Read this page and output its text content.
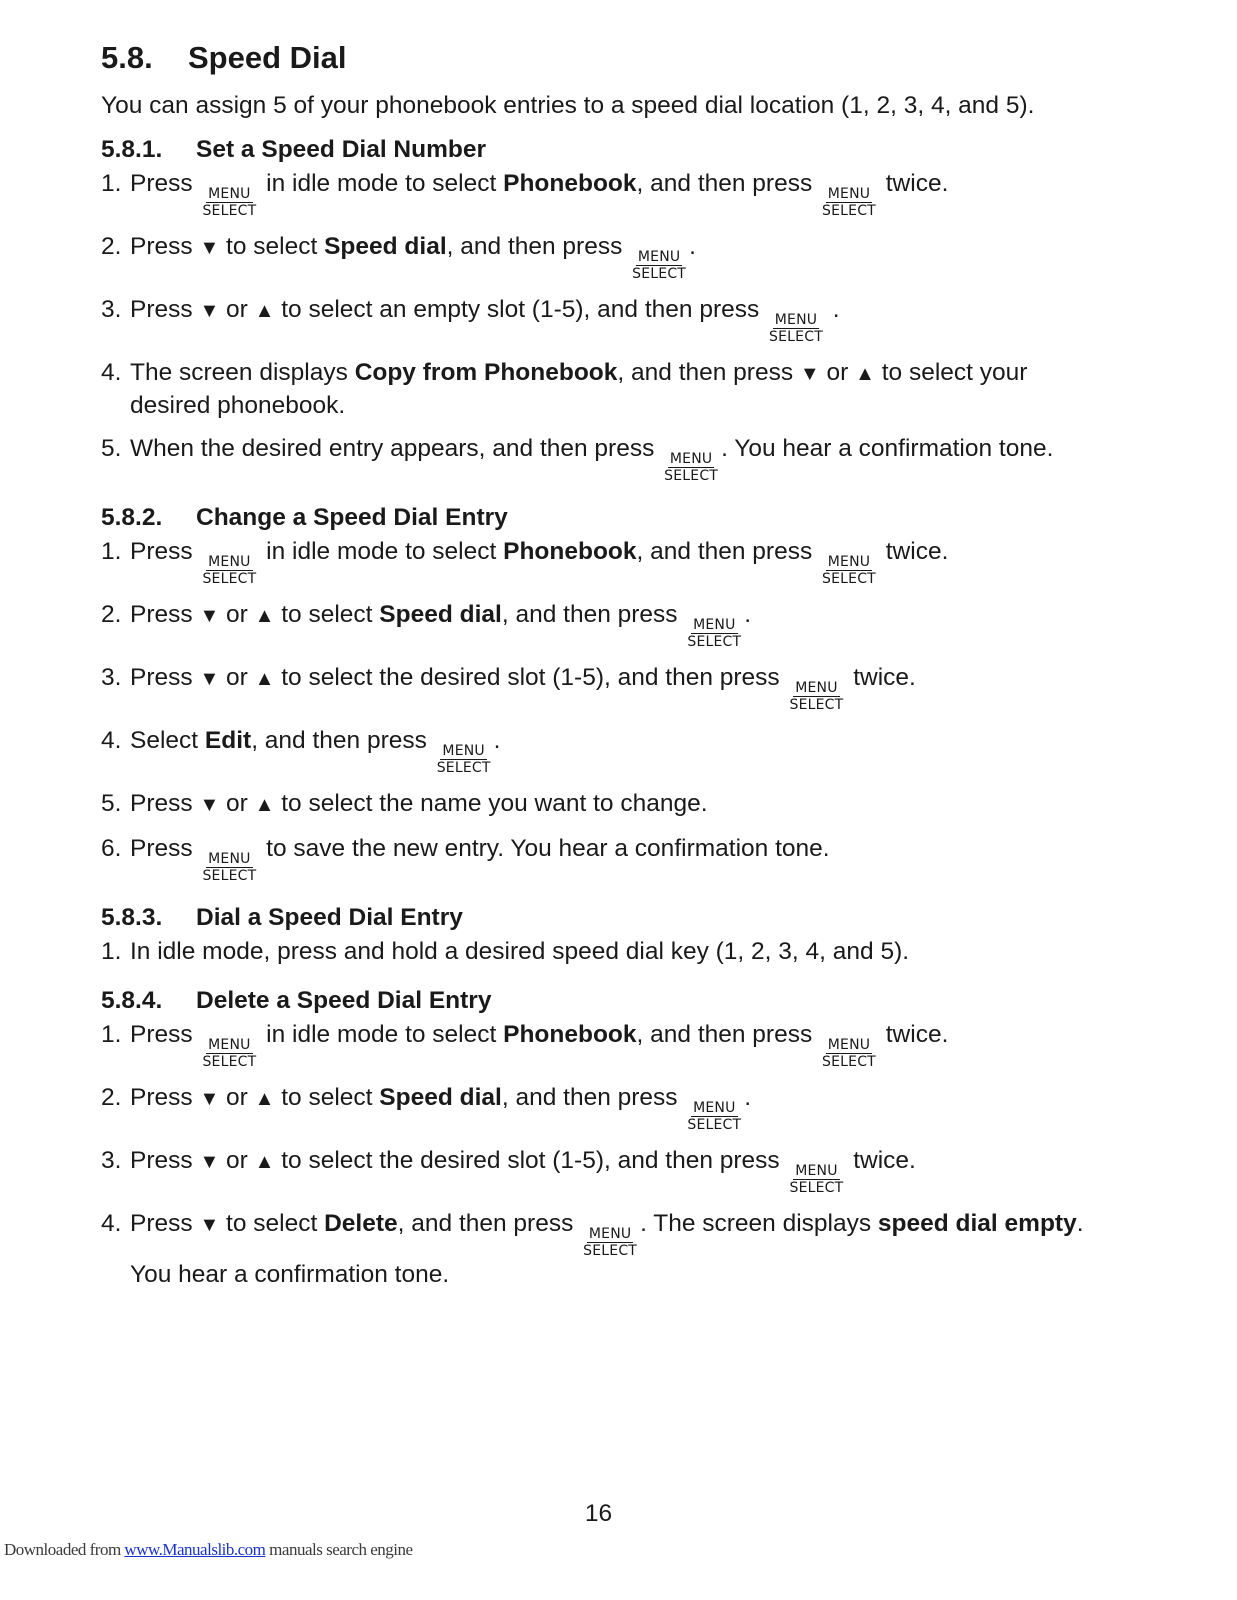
5.8.	Speed Dial

You can assign 5 of your phonebook entries to a speed dial location (1, 2, 3, 4, and 5).

5.8.1.	Set a Speed Dial Number
1. Press MENU
SELECT
in idle mode to select Phonebook, and then press MENU
SELECT
twice.
2. Press ▼ to select Speed dial, and then press MENU
SELECT
.
3. Press ▼ or ▲ to select an empty slot (1-5), and then press MENU
SELECT
.
4. The screen displays Copy from Phonebook, and then press ▼ or ▲ to select your desired phonebook.
5. When the desired entry appears, and then press MENU
SELECT
. You hear a confirmation tone.
5.8.2.	Change a Speed Dial Entry
1. Press MENU
SELECT
in idle mode to select Phonebook, and then press MENU
SELECT
twice.
2. Press ▼ or ▲ to select Speed dial, and then press MENU
SELECT
.
3. Press ▼ or ▲ to select the desired slot (1-5), and then press MENU
SELECT
twice.
4. Select Edit, and then press MENU
SELECT
.
5. Press ▼ or ▲ to select the name you want to change.
6. Press MENU
SELECT
to save the new entry. You hear a confirmation tone.
5.8.3.	Dial a Speed Dial Entry
1. In idle mode, press and hold a desired speed dial key (1, 2, 3, 4, and 5).
5.8.4.	Delete a Speed Dial Entry
1. Press MENU
SELECT
in idle mode to select Phonebook, and then press MENU
SELECT
twice.
2. Press ▼ or ▲ to select Speed dial, and then press MENU
SELECT
.
3. Press ▼ or ▲ to select the desired slot (1-5), and then press MENU
SELECT
twice.
4. Press ▼ to select Delete, and then press MENU
SELECT
. The screen displays speed dial empty. You hear a confirmation tone.
16
Downloaded from www.Manualslib.com manuals search engine
